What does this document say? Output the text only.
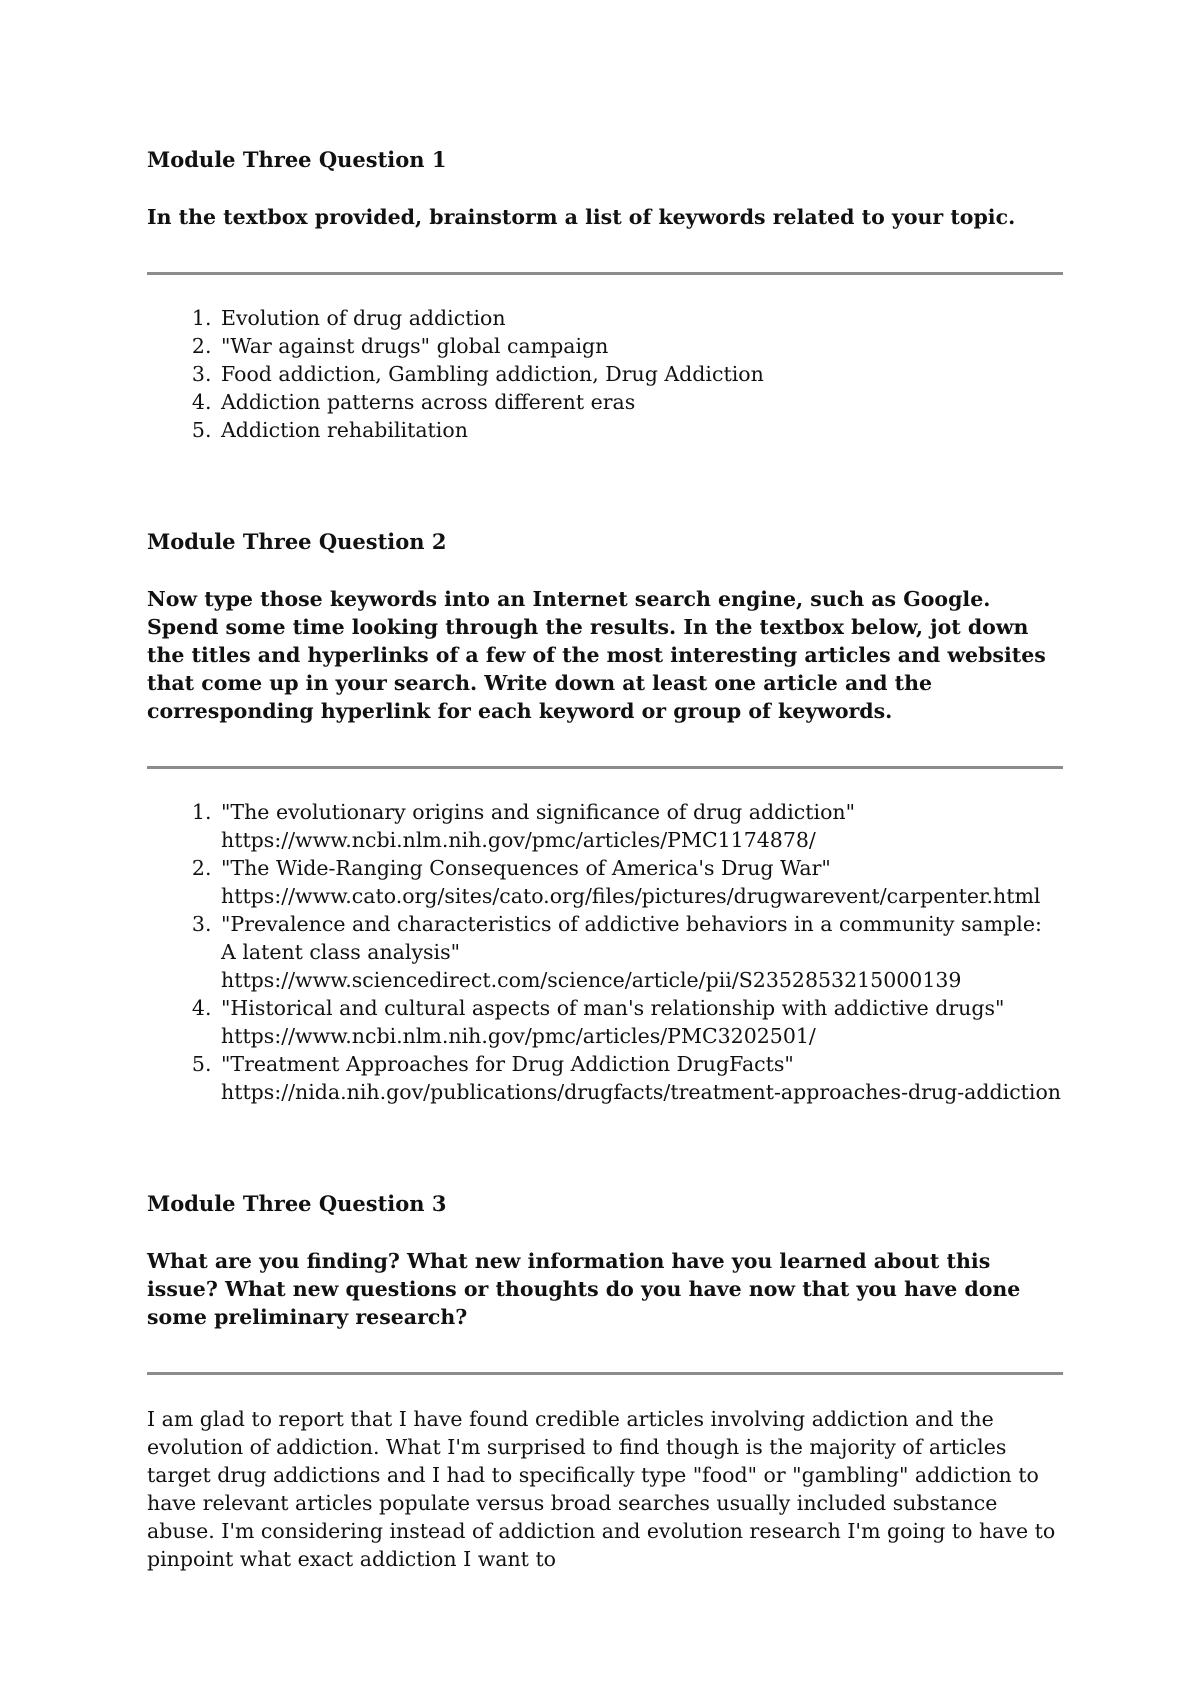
Module Three Question 1

In the textbox provided, brainstorm a list of keywords related to your topic.

1. Evolution of drug addiction
2. "War against drugs" global campaign
3. Food addiction, Gambling addiction, Drug Addiction
4. Addiction patterns across different eras
5. Addiction rehabilitation
Module Three Question 2

Now type those keywords into an Internet search engine, such as Google. Spend some time looking through the results. In the textbox below, jot down the titles and hyperlinks of a few of the most interesting articles and websites that come up in your search. Write down at least one article and the corresponding hyperlink for each keyword or group of keywords.

1. "The evolutionary origins and significance of drug addiction"
https://www.ncbi.nlm.nih.gov/pmc/articles/PMC1174878/
2. "The Wide-Ranging Consequences of America's Drug War"
https://www.cato.org/sites/cato.org/files/pictures/drugwarevent/carpenter.html
3. "Prevalence and characteristics of addictive behaviors in a community sample: A latent class analysis"
https://www.sciencedirect.com/science/article/pii/S2352853215000139
4. "Historical and cultural aspects of man's relationship with addictive drugs"
https://www.ncbi.nlm.nih.gov/pmc/articles/PMC3202501/
5. "Treatment Approaches for Drug Addiction DrugFacts"
https://nida.nih.gov/publications/drugfacts/treatment-approaches-drug-addiction
Module Three Question 3

What are you finding? What new information have you learned about this issue? What new questions or thoughts do you have now that you have done some preliminary research?

I am glad to report that I have found credible articles involving addiction and the evolution of addiction. What I'm surprised to find though is the majority of articles target drug addictions and I had to specifically type "food" or "gambling" addiction to have relevant articles populate versus broad searches usually included substance abuse. I'm considering instead of addiction and evolution research I'm going to have to pinpoint what exact addiction I want to
